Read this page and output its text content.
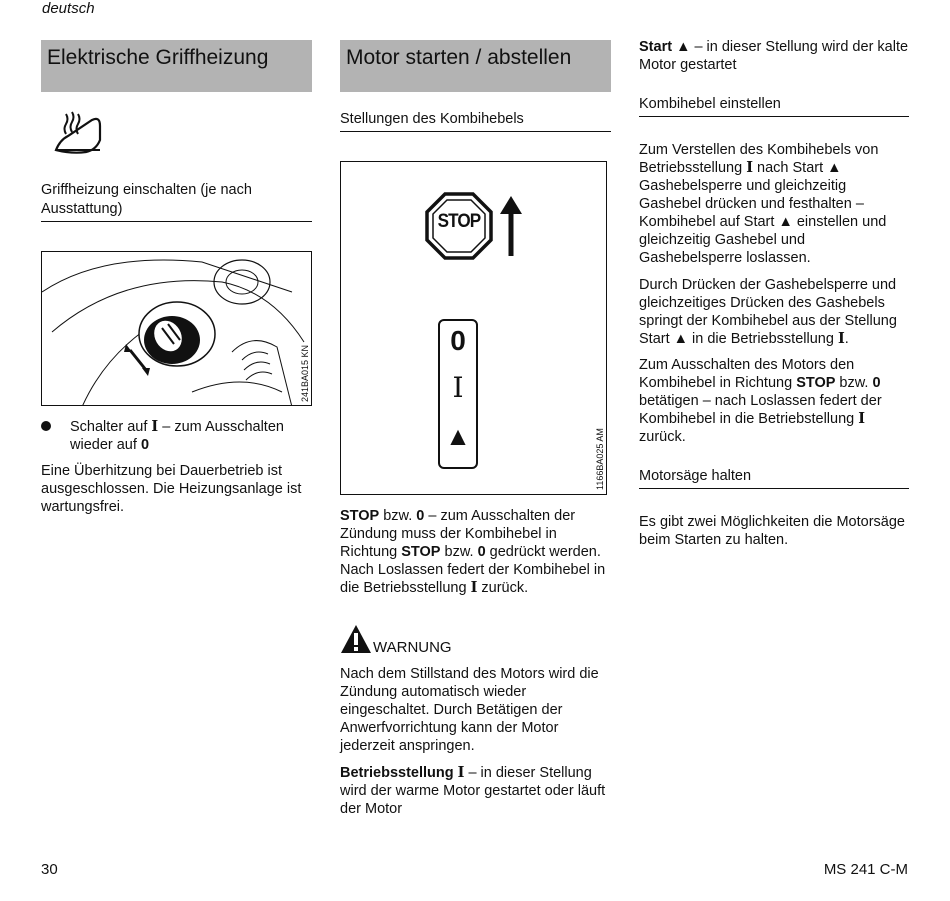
deutsch
Elektrische Griffheizung
Griffheizung einschalten (je nach Ausstattung)
241BA015 KN
Schalter auf I – zum Ausschalten wieder auf 0
Eine Überhitzung bei Dauerbetrieb ist ausgeschlossen. Die Heizungsanlage ist wartungsfrei.
Motor starten / abstellen
Stellungen des Kombihebels
STOP
0
I
▲	1166BA025 AM
STOP bzw. 0 – zum Ausschalten der Zündung muss der Kombihebel in Richtung STOP bzw. 0 gedrückt werden. Nach Loslassen federt der Kombihebel in die Betriebsstellung I zurück.
WARNUNG
Nach dem Stillstand des Motors wird die Zündung automatisch wieder eingeschaltet. Durch Betätigen der Anwerfvorrichtung kann der Motor jederzeit anspringen.
Betriebsstellung I – in dieser Stellung wird der warme Motor gestartet oder läuft der Motor
Start ▲ – in dieser Stellung wird der kalte Motor gestartet
Kombihebel einstellen
Zum Verstellen des Kombihebels von Betriebsstellung I nach Start ▲ Gashebelsperre und gleichzeitig Gashebel drücken und festhalten – Kombihebel auf Start ▲ einstellen und gleichzeitig Gashebel und Gashebelsperre loslassen.
Durch Drücken der Gashebelsperre und gleichzeitiges Drücken des Gashebels springt der Kombihebel aus der Stellung Start ▲ in die Betriebsstellung I.
Zum Ausschalten des Motors den Kombihebel in Richtung STOP bzw. 0 betätigen – nach Loslassen federt der Kombihebel in die Betriebstellung I zurück.
Motorsäge halten
Es gibt zwei Möglichkeiten die Motorsäge beim Starten zu halten.
30	MS 241 C-M
